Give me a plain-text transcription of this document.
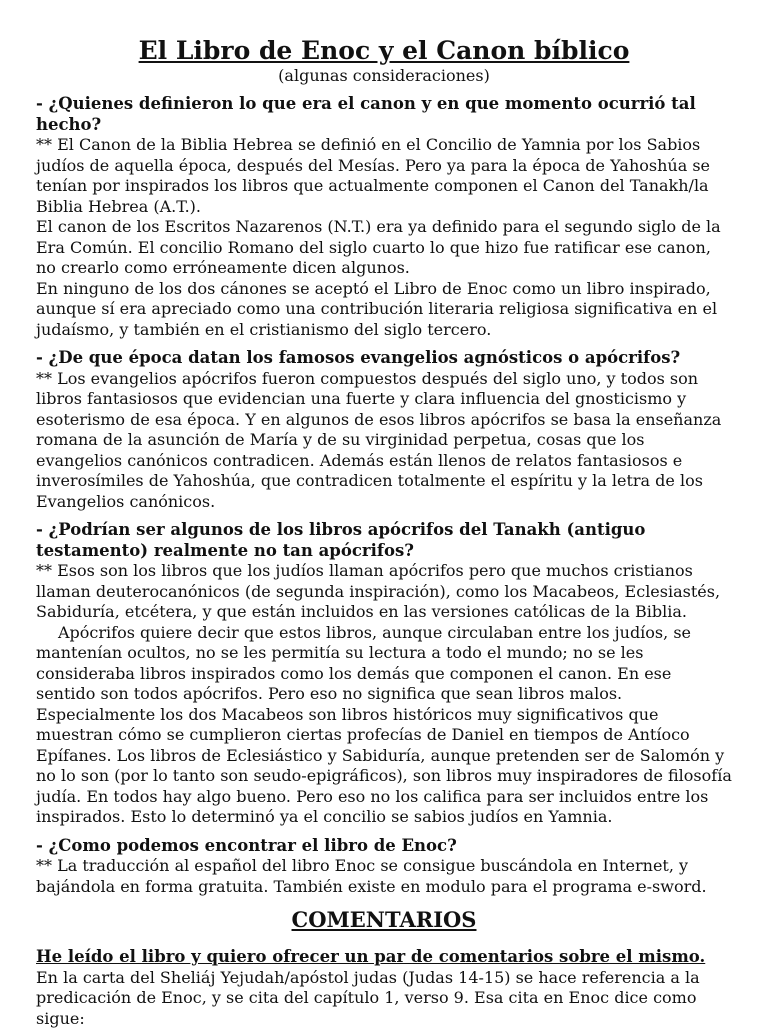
El Libro de Enoc y el Canon bíblico

(algunas consideraciones)

- ¿Quienes definieron lo que era el canon y en que momento ocurrió tal hecho?

** El Canon de la Biblia Hebrea se definió en el Concilio de Yamnia por los Sabios judíos de aquella época, después del Mesías. Pero ya para la época de Yahoshúa se tenían por inspirados los libros que actualmente componen el Canon del Tanakh/la Biblia Hebrea (A.T.).

El canon de los Escritos Nazarenos (N.T.) era ya definido para el segundo siglo de la Era Común. El concilio Romano del siglo cuarto lo que hizo fue ratificar ese canon, no crearlo como erróneamente dicen algunos.

En ninguno de los dos cánones se aceptó el Libro de Enoc como un libro inspirado, aunque sí era apreciado como una contribución literaria religiosa significativa en el judaísmo, y también en el cristianismo del siglo tercero.

- ¿De que época datan los famosos evangelios agnósticos o apócrifos?

** Los evangelios apócrifos fueron compuestos después del siglo uno, y todos son libros fantasiosos que evidencian una fuerte y clara influencia del gnosticismo y esoterismo de esa época. Y en algunos de esos libros apócrifos se basa la enseñanza romana de la asunción de María y de su virginidad perpetua, cosas que los evangelios canónicos contradicen. Además están llenos de relatos fantasiosos e inverosímiles de Yahoshúa, que contradicen totalmente el espíritu y la letra de los Evangelios canónicos.

- ¿Podrían ser algunos de los libros apócrifos del Tanakh (antiguo testamento) realmente no tan apócrifos?

** Esos son los libros que los judíos llaman apócrifos pero que muchos cristianos llaman deuterocanónicos (de segunda inspiración), como los Macabeos, Eclesiastés, Sabiduría, etcétera, y que están incluidos en las versiones católicas de la Biblia.

Apócrifos quiere decir que estos libros, aunque circulaban entre los judíos, se mantenían ocultos, no se les permitía su lectura a todo el mundo; no se les consideraba libros inspirados como los demás que componen el canon. En ese sentido son todos apócrifos. Pero eso no significa que sean libros malos. Especialmente los dos Macabeos son libros históricos muy significativos que muestran cómo se cumplieron ciertas profecías de Daniel en tiempos de Antíoco Epífanes. Los libros de Eclesiástico y Sabiduría, aunque pretenden ser de Salomón y no lo son (por lo tanto son seudo-epigráficos), son libros muy inspiradores de filosofía judía. En todos hay algo bueno. Pero eso no los califica para ser incluidos entre los inspirados. Esto lo determinó ya el concilio se sabios judíos en Yamnia.

- ¿Como podemos encontrar el libro de Enoc?

** La traducción al español del libro Enoc se consigue buscándola en Internet, y bajándola en forma gratuita. También existe en modulo para el programa e-sword.

COMENTARIOS

He leído el libro y quiero ofrecer un par de comentarios sobre el mismo.

En la carta del Sheliáj Yejudah/apóstol judas (Judas 14-15) se hace referencia a la predicación de Enoc, y se cita del capítulo 1, verso 9. Esa cita en Enoc dice como sigue:
